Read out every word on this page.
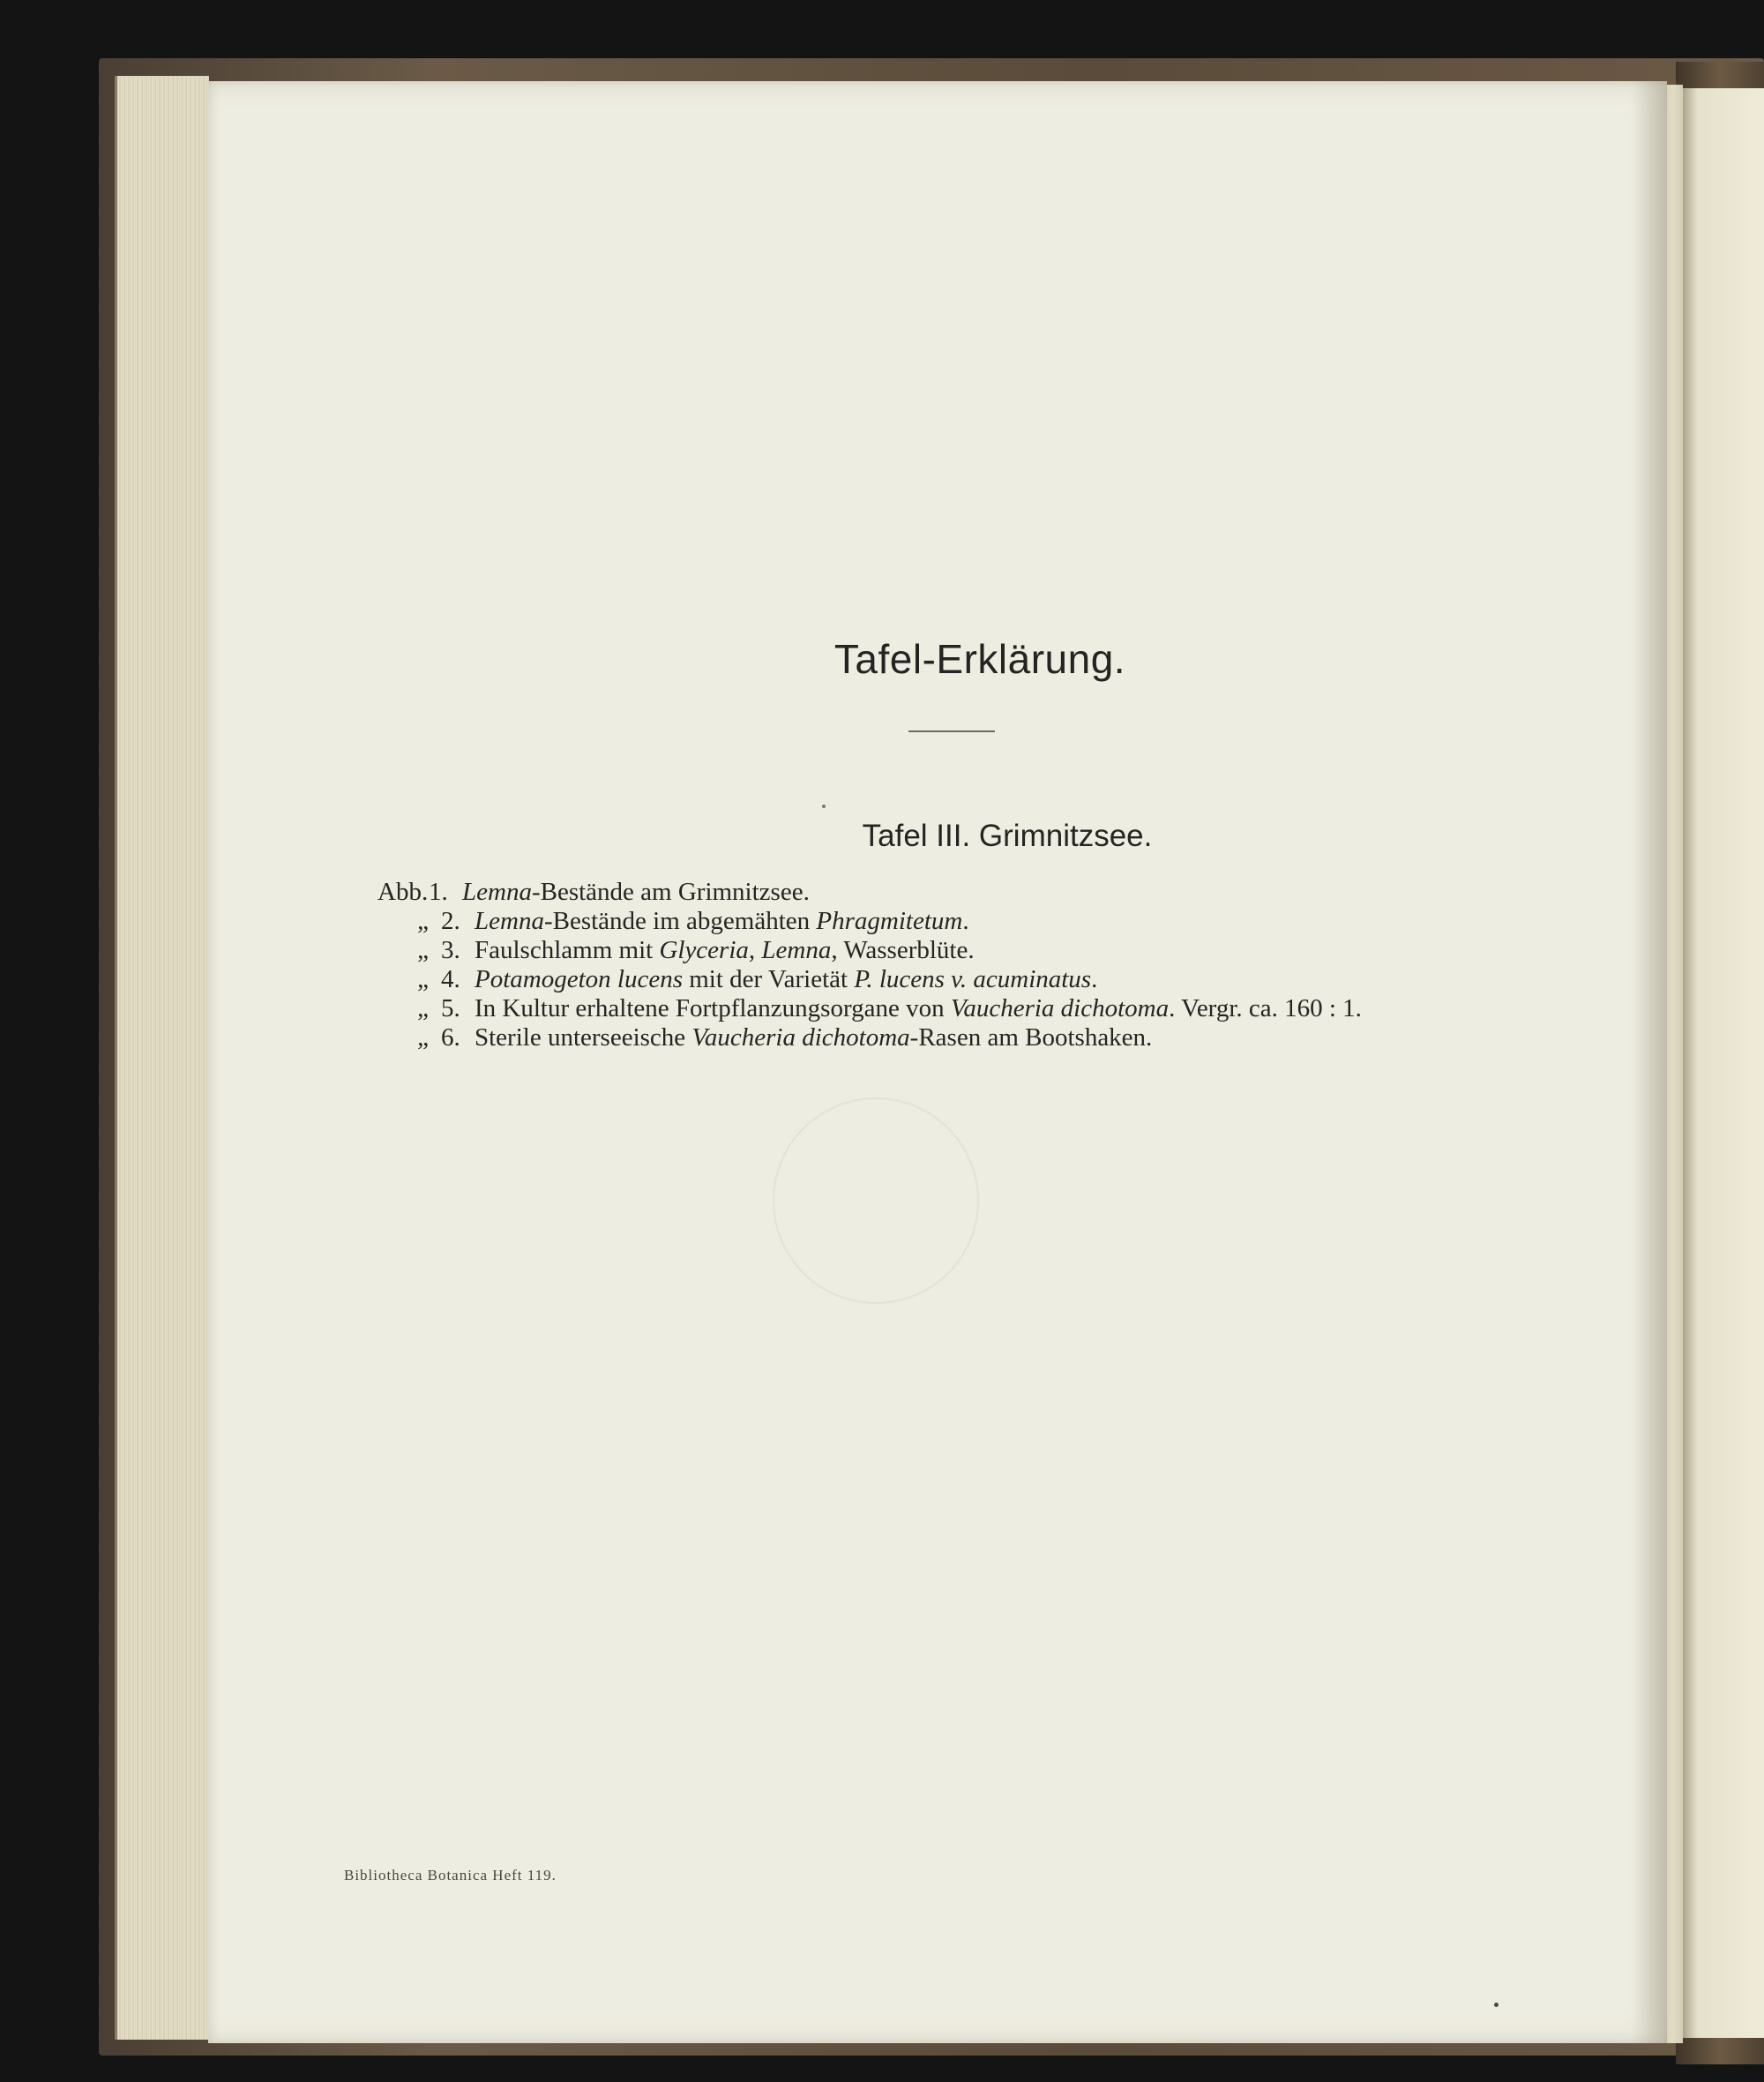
Tafel-Erklärung.
Tafel III. Grimnitzsee.
Abb.1. Lemna-Bestände am Grimnitzsee.
„ 2. Lemna-Bestände im abgemähten Phragmitetum.
„ 3. Faulschlamm mit Glyceria, Lemna, Wasserblüte.
„ 4. Potamogeton lucens mit der Varietät P. lucens v. acuminatus.
„ 5. In Kultur erhaltene Fortpflanzungsorgane von Vaucheria dichotoma. Vergr. ca. 160 : 1.
„ 6. Sterile unterseeische Vaucheria dichotoma-Rasen am Bootshaken.
Bibliotheca Botanica Heft 119.
